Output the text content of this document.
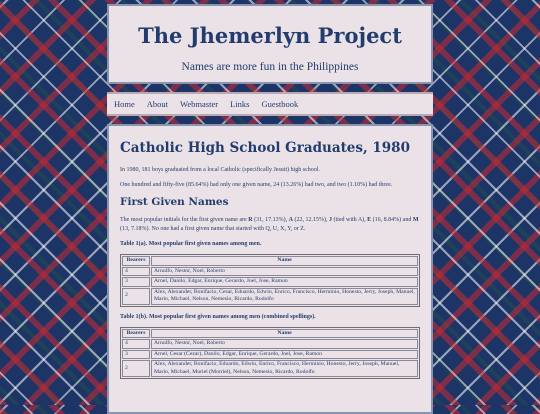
The Jhemerlyn Project
Names are more fun in the Philippines
Home About Webmaster Links Guestbook
Catholic High School Graduates, 1980

In 1980, 181 boys graduated from a local Catholic (specifically Jesuit) high school.

One hundred and fifty-five (85.64%) had only one given name, 24 (13.26%) had two, and two (1.10%) had three.

First Given Names

The most popular initials for the first given name are R (31, 17.13%), A (22, 12.15%), J (tied with A), E (16, 8.84%) and M (13, 7.18%). No one had a first given name that started with Q, U, X, Y, or Z.

Table 1(a). Most popular first given names among men.

Bearers	Name
4	Arnulfo, Nestor, Noel, Roberto
3	Arnel, Danilo, Edgar, Enrique, Gerardo, Joel, Jose, Ramon
2	Alex, Alexander, Bonifacio, Cesar, Eduardo, Edwin, Enrico, Francisco, Herminio, Honesto, Jerry, Joseph, Manuel, Mario, Michael, Nelson, Nemesio, Ricardo, Rodolfo

Table 1(b). Most popular first given names among men (combined spellings).

Bearers	Name
4	Arnulfo, Nestor, Noel, Roberto
3	Arnel, Cesar (Cezar), Danilo, Edgar, Enrique, Gerardo, Joel, Jose, Ramon
2	Alex, Alexander, Bonifacio, Eduardo, Edwin, Enrico, Francisco, Herminio, Honesto, Jerry, Joseph, Manuel, Mario, Michael, Muriel (Morriel), Nelson, Nemesio, Ricardo, Rodolfo
